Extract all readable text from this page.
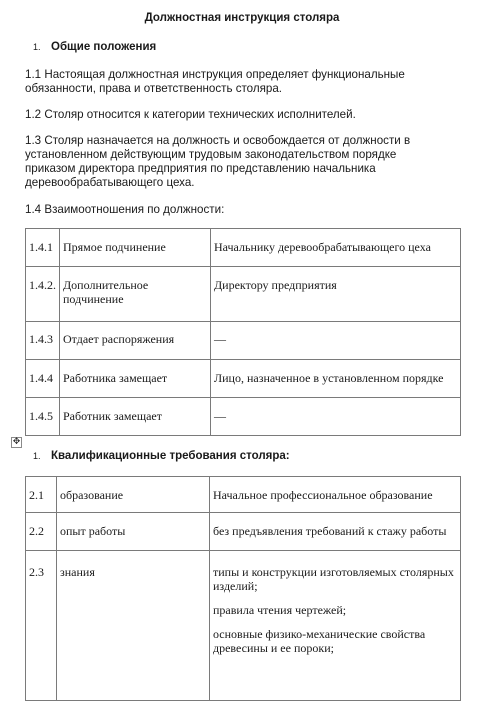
Должностная инструкция столяра
1. Общие положения
1.1 Настоящая должностная инструкция определяет функциональные обязанности, права и ответственность столяра.
1.2 Столяр относится к категории технических исполнителей.
1.3 Столяр назначается на должность и освобождается от должности в установленном действующим трудовым законодательством порядке приказом директора предприятия по представлению начальника деревообрабатывающего цеха.
1.4 Взаимоотношения по должности:
1.4.1	Прямое подчинение	Начальнику деревообрабатывающего цеха
1.4.2.	Дополнительное подчинение	Директору предприятия
1.4.3	Отдает распоряжения	—
1.4.4	Работника замещает	Лицо, назначенное в установленном порядке
1.4.5	Работник замещает	—
1. Квалификационные требования столяра:
✥
2.1	образование	Начальное профессиональное образование
2.2	опыт работы	без предъявления требований к стажу работы
2.3	знания	типы и конструкции изготовляемых столярных изделий;

правила чтения чертежей;

основные физико-механические свойства древесины и ее пороки;
